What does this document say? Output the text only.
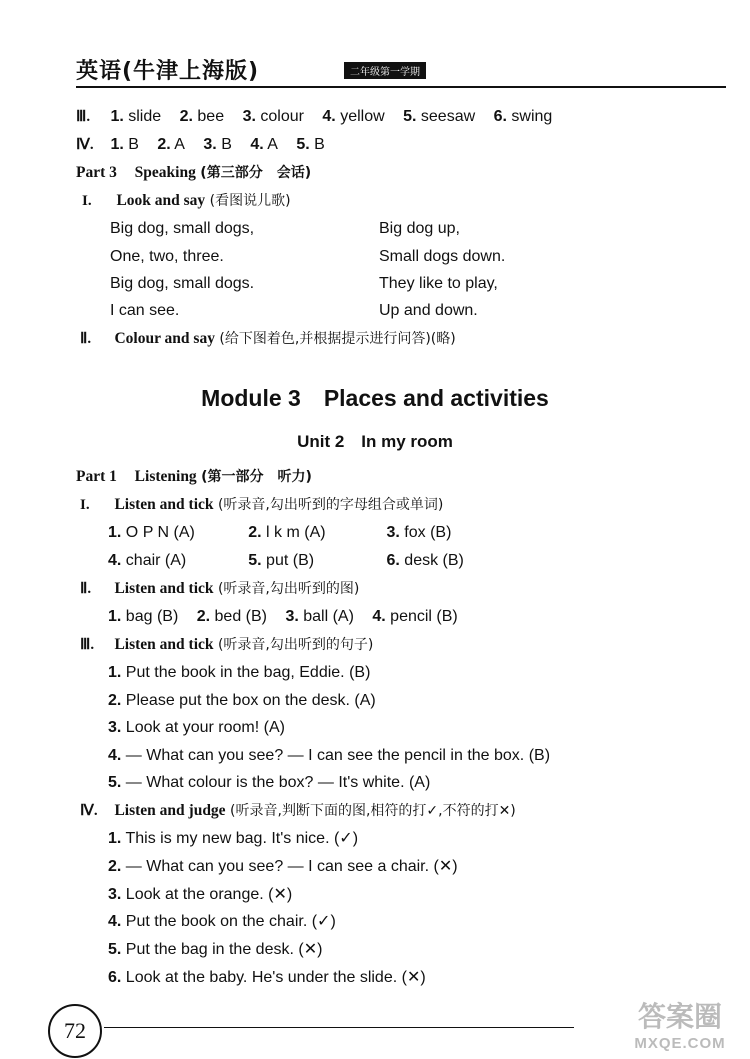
英语(牛津上海版)	二年级第一学期
Ⅲ. 1. slide 2. bee 3. colour 4. yellow 5. seesaw 6. swing
Ⅳ. 1. B 2. A 3. B 4. A 5. B
Part 3 Speaking (第三部分　会话)
I. Look and say (看图说儿歌)
Big dog, small dogs,
One, two, three.
Big dog, small dogs.
I can see.
Big dog up,
Small dogs down.
They like to play,
Up and down.
Ⅱ. Colour and say (给下图着色,并根据提示进行问答)(略)
Module 3　Places and activities
Unit 2　In my room
Part 1 Listening (第一部分　听力)
I. Listen and tick (听录音,勾出听到的字母组合或单词)
1. O P N (A)	2. l k m (A)	3. fox (B)
4. chair (A)	5. put (B)	6. desk (B)
Ⅱ. Listen and tick (听录音,勾出听到的图)
1. bag (B) 2. bed (B) 3. ball (A) 4. pencil (B)
Ⅲ. Listen and tick (听录音,勾出听到的句子)
1. Put the book in the bag, Eddie. (B)
2. Please put the box on the desk. (A)
3. Look at your room! (A)
4. — What can you see? — I can see the pencil in the box. (B)
5. — What colour is the box? — It's white. (A)
Ⅳ. Listen and judge (听录音,判断下面的图,相符的打✓,不符的打✕)
1. This is my new bag. It's nice. (✓)
2. — What can you see? — I can see a chair. (✕)
3. Look at the orange. (✕)
4. Put the book on the chair. (✓)
5. Put the bag in the desk. (✕)
6. Look at the baby. He's under the slide. (✕)
72	答案圈
MXQE.COM
